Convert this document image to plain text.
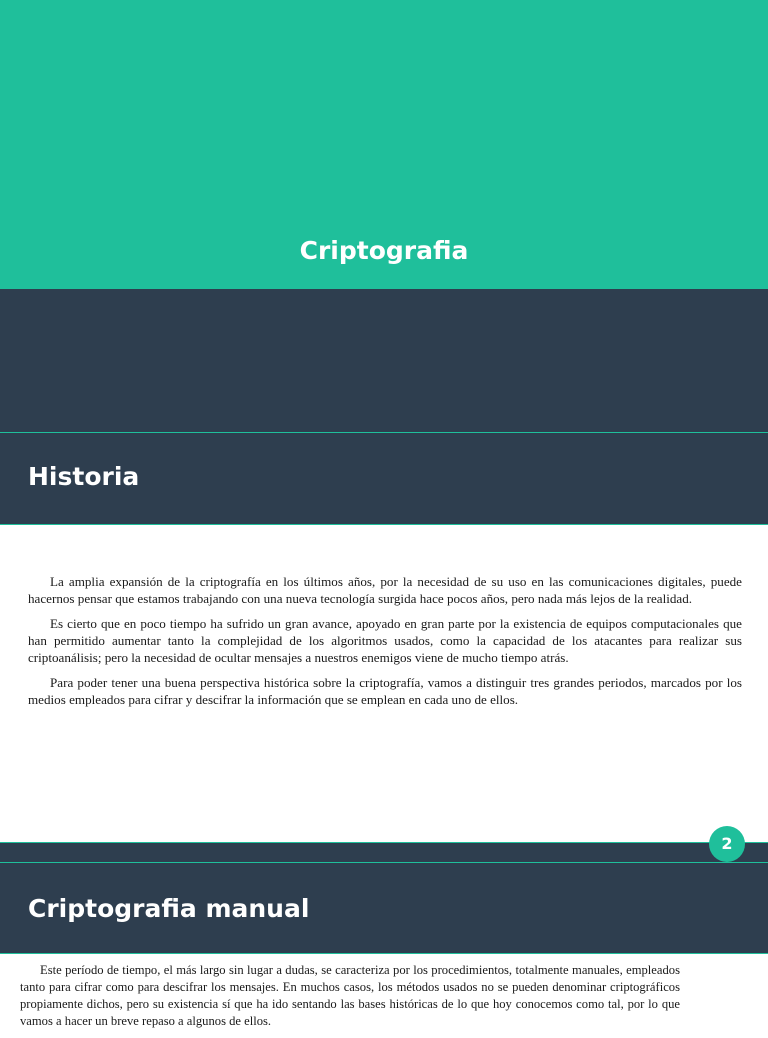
Criptografia
Historia

La amplia expansión de la criptografía en los últimos años, por la necesidad de su uso en las comunicaciones digitales, puede hacernos pensar que estamos trabajando con una nueva tecnología surgida hace pocos años, pero nada más lejos de la realidad.

Es cierto que en poco tiempo ha sufrido un gran avance, apoyado en gran parte por la existencia de equipos computacionales que han permitido aumentar tanto la complejidad de los algoritmos usados, como la capacidad de los atacantes para realizar sus criptoanálisis; pero la necesidad de ocultar mensajes a nuestros enemigos viene de mucho tiempo atrás.

Para poder tener una buena perspectiva histórica sobre la criptografía, vamos a distinguir tres grandes periodos, marcados por los medios empleados para cifrar y descifrar la información que se emplean en cada uno de ellos.

2
Criptografia manual

Este período de tiempo, el más largo sin lugar a dudas, se caracteriza por los procedimientos, totalmente manuales, empleados tanto para cifrar como para descifrar los mensajes. En muchos casos, los métodos usados no se pueden denominar criptográficos propiamente dichos, pero su existencia sí que ha ido sentando las bases históricas de lo que hoy conocemos como tal, por lo que vamos a hacer un breve repaso a algunos de ellos.
